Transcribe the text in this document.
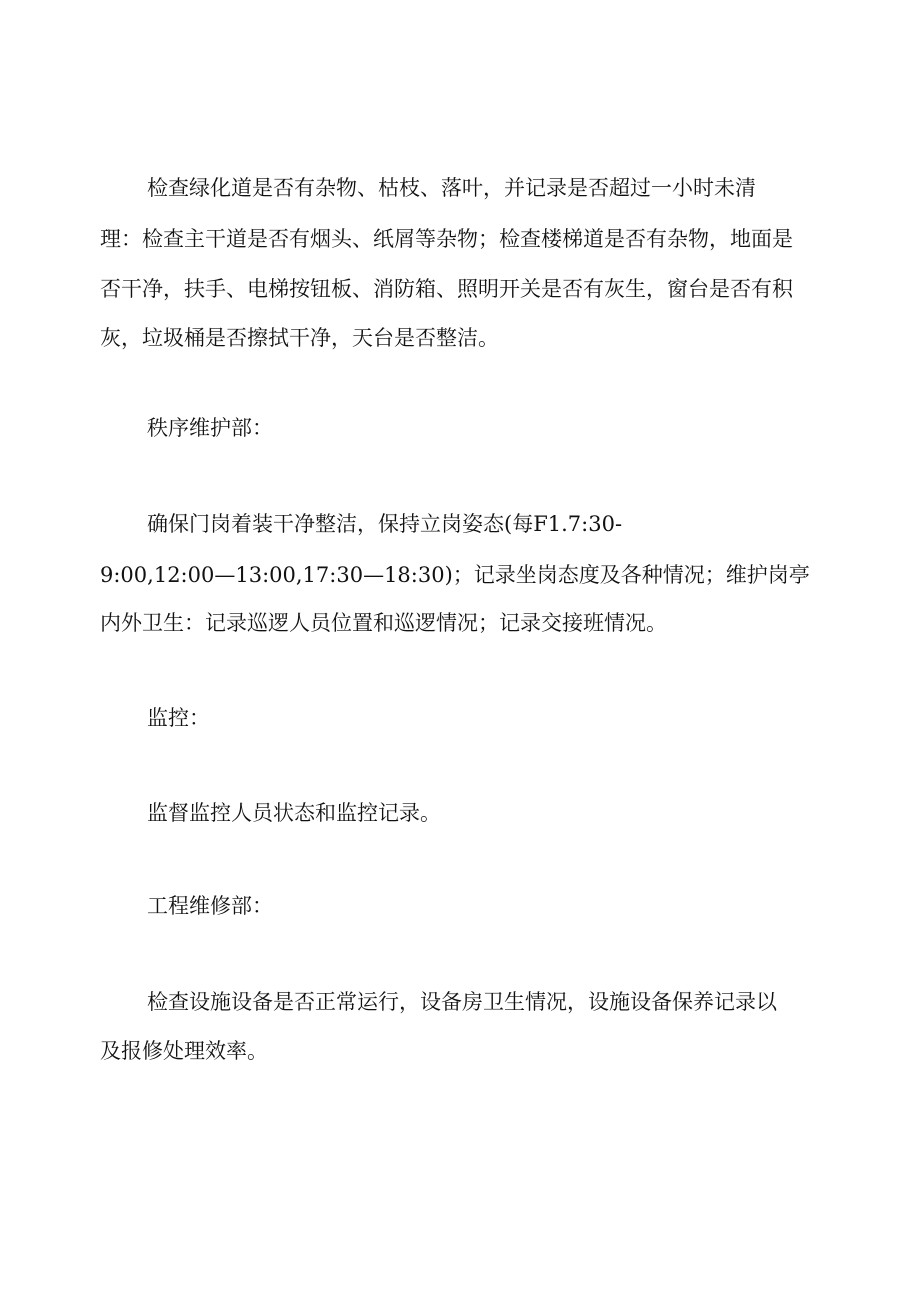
检查绿化道是否有杂物、枯枝、落叶，并记录是否超过一小时未清
理：检查主干道是否有烟头、纸屑等杂物；检查楼梯道是否有杂物，地面是
否干净，扶手、电梯按钮板、消防箱、照明开关是否有灰生，窗台是否有积
灰，垃圾桶是否擦拭干净，天台是否整洁。
秩序维护部：
确保门岗着装干净整洁，保持立岗姿态(每F1.7:30-
9:00,12:00—13:00,17:30—18:30)；记录坐岗态度及各种情况；维护岗亭
内外卫生：记录巡逻人员位置和巡逻情况；记录交接班情况。
监控：
监督监控人员状态和监控记录。
工程维修部：
检查设施设备是否正常运行，设备房卫生情况，设施设备保养记录以
及报修处理效率。
